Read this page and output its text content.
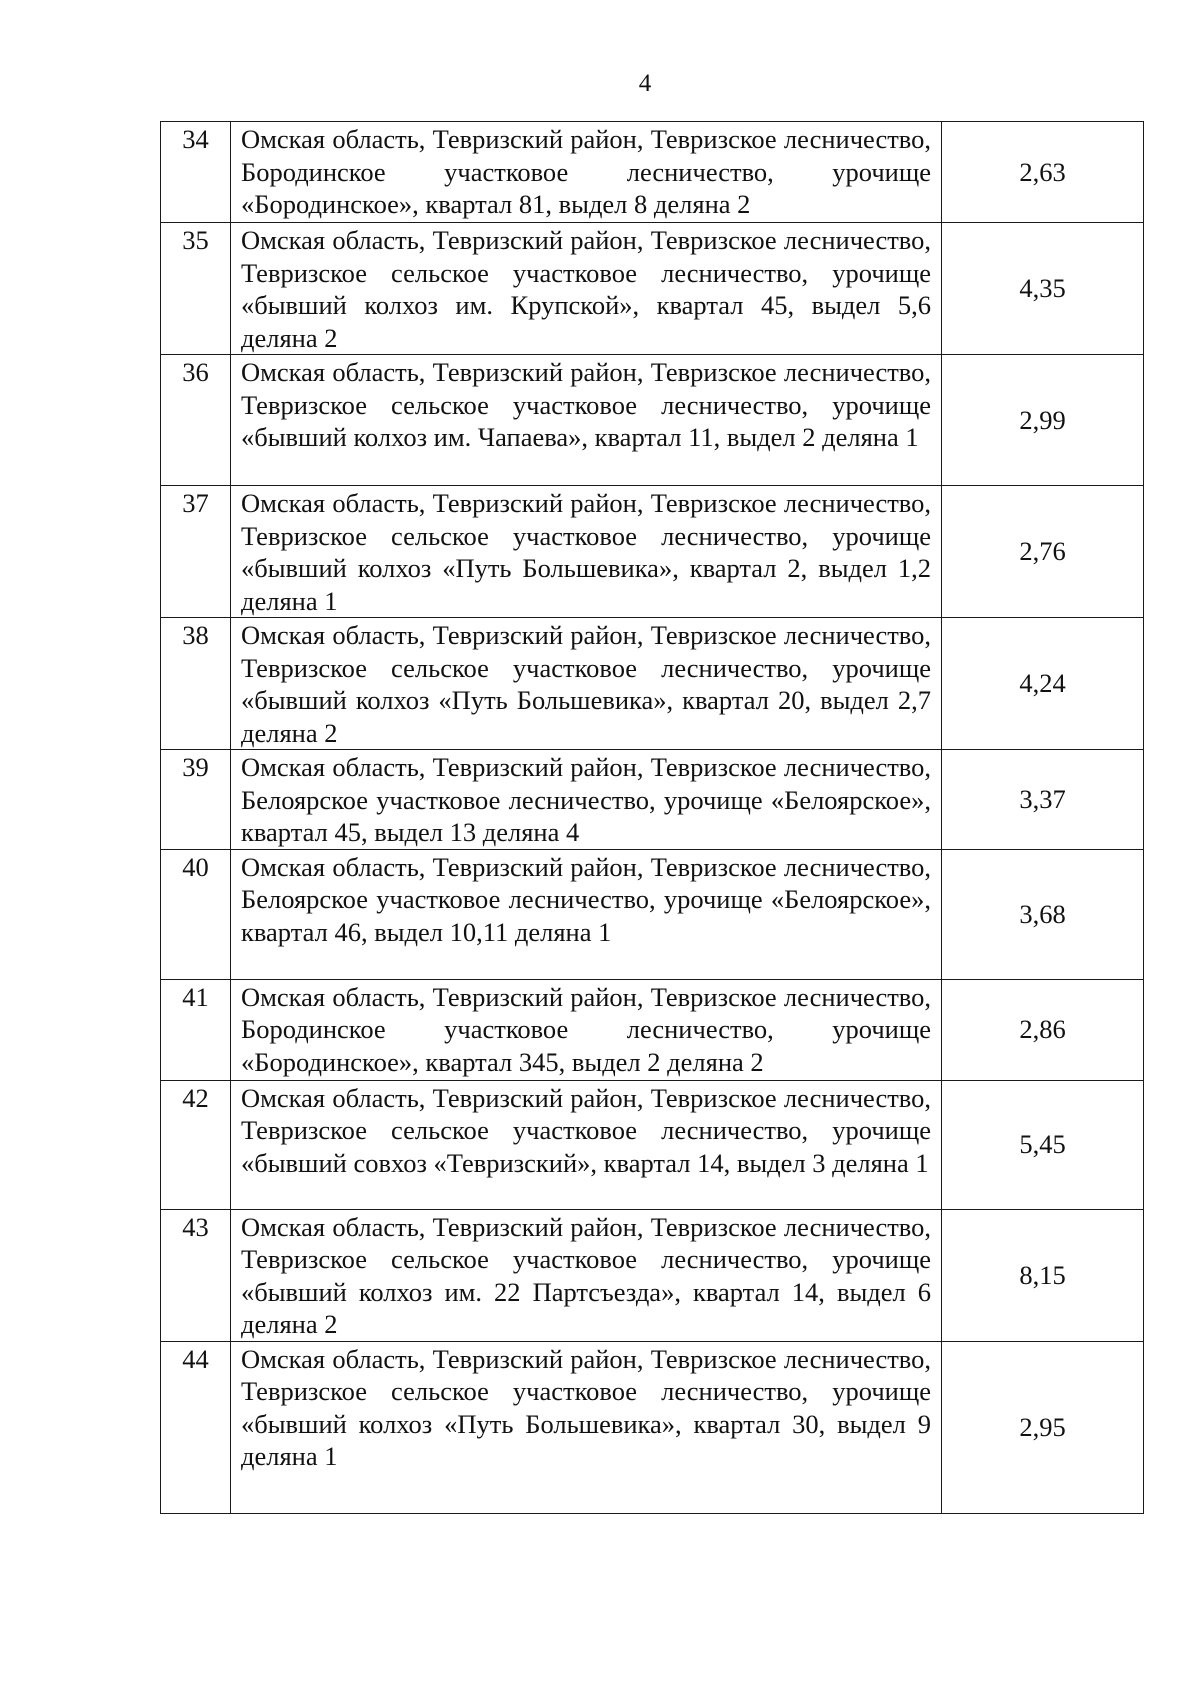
4
34	Омская область, Тевризский район, Тевризское лесничество, Бородинское участковое лесничество, урочище «Бородинское», квартал 81, выдел 8 деляна 2	2,63
35	Омская область, Тевризский район, Тевризское лесничество, Тевризское сельское участковое лесничество, урочище «бывший колхоз им. Крупской», квартал 45, выдел 5,6 деляна 2	4,35
36	Омская область, Тевризский район, Тевризское лесничество, Тевризское сельское участковое лесничество, урочище «бывший колхоз им. Чапаева», квартал 11, выдел 2 деляна 1	2,99
37	Омская область, Тевризский район, Тевризское лесничество, Тевризское сельское участковое лесничество, урочище «бывший колхоз «Путь Большевика», квартал 2, выдел 1,2 деляна 1	2,76
38	Омская область, Тевризский район, Тевризское лесничество, Тевризское сельское участковое лесничество, урочище «бывший колхоз «Путь Большевика», квартал 20, выдел 2,7 деляна 2	4,24
39	Омская область, Тевризский район, Тевризское лесничество, Белоярское участковое лесничество, урочище «Белоярское», квартал 45, выдел 13 деляна 4	3,37
40	Омская область, Тевризский район, Тевризское лесничество, Белоярское участковое лесничество, урочище «Белоярское», квартал 46, выдел 10,11 деляна 1	3,68
41	Омская область, Тевризский район, Тевризское лесничество, Бородинское участковое лесничество, урочище «Бородинское», квартал 345, выдел 2 деляна 2	2,86
42	Омская область, Тевризский район, Тевризское лесничество, Тевризское сельское участковое лесничество, урочище «бывший совхоз «Тевризский», квартал 14, выдел 3 деляна 1	5,45
43	Омская область, Тевризский район, Тевризское лесничество, Тевризское сельское участковое лесничество, урочище «бывший колхоз им. 22 Партсъезда», квартал 14, выдел 6 деляна 2	8,15
44	Омская область, Тевризский район, Тевризское лесничество, Тевризское сельское участковое лесничество, урочище «бывший колхоз «Путь Большевика», квартал 30, выдел 9 деляна 1	2,95
